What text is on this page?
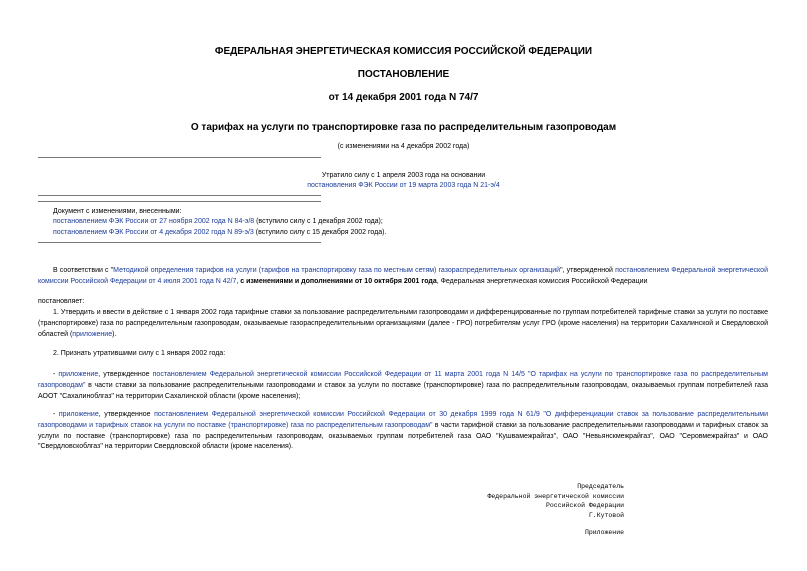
ФЕДЕРАЛЬНАЯ ЭНЕРГЕТИЧЕСКАЯ КОМИССИЯ РОССИЙСКОЙ ФЕДЕРАЦИИ
ПОСТАНОВЛЕНИЕ
от 14 декабря 2001 года N 74/7
О тарифах на услуги по транспортировке газа по распределительным газопроводам
(с изменениями на 4 декабря 2002 года)
Утратило силу с 1 апреля 2003 года на основании
постановления ФЭК России от 19 марта 2003 года N 21-э/4
Документ с изменениями, внесенными:
постановлением ФЭК России от 27 ноября 2002 года N 84-э/8 (вступило силу с 1 декабря 2002 года);
постановлением ФЭК России от 4 декабря 2002 года N 89-э/3 (вступило силу с 15 декабря 2002 года).
В соответствии с "Методикой определения тарифов на услуги (тарифов на транспортировку газа по местным сетям) газораспределительных организаций", утвержденной постановлением Федеральной энергетической комиссии Российской Федерации от 4 июля 2001 года N 42/7, с изменениями и дополнениями от 10 октября 2001 года, Федеральная энергетическая комиссия Российской Федерации
постановляет:
1. Утвердить и ввести в действие с 1 января 2002 года тарифные ставки за пользование распределительными газопроводами и дифференцированные по группам потребителей тарифные ставки за услуги по поставке (транспортировке) газа по распределительным газопроводам, оказываемые газораспределительными организациями (далее - ГРО) потребителям услуг ГРО (кроме населения) на территории Сахалинской и Свердловской областей (приложение).
2. Признать утратившими силу с 1 января 2002 года:
- приложение, утвержденное постановлением Федеральной энергетической комиссии Российской Федерации от 11 марта 2001 года N 14/5 "О тарифах на услуги по транспортировке газа по распределительным газопроводам" в части ставки за пользование распределительными газопроводами и ставок за услуги по поставке (транспортировке) газа по распределительным газопроводам, оказываемых группам потребителей газа АООТ "Сахалиноблгаз" на территории Сахалинской области (кроме населения);
- приложение, утвержденное постановлением Федеральной энергетической комиссии Российской Федерации от 30 декабря 1999 года N 61/9 "О дифференциации ставок за пользование распределительными газопроводами и тарифных ставок на услуги по поставке (транспортировке) газа по распределительным газопроводам" в части тарифной ставки за пользование распределительными газопроводами и тарифных ставок за услуги по поставке (транспортировке) газа по распределительным газопроводам, оказываемых группам потребителей газа ОАО "Кушвамежрайгаз", ОАО "Невьянскмежрайгаз", ОАО "Серовмежрайгаз" и ОАО "Свердловскоблгаз" на территории Свердловской области (кроме населения).
Председатель
Федеральной энергетической комиссии
Российской Федерации
Г.Кутовой
Приложение
